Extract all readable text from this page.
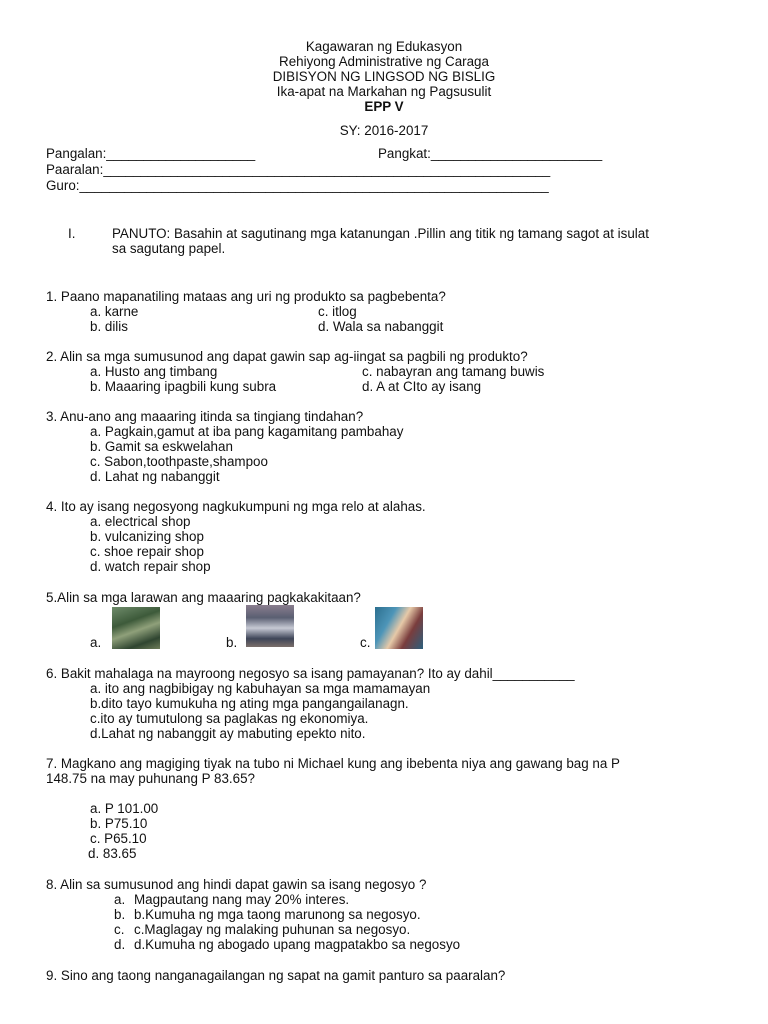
Kagawaran ng Edukasyon
Rehiyong Administrative ng Caraga
DIBISYON NG LINGSOD NG BISLIG
Ika-apat na Markahan ng Pagsusulit
EPP V
SY: 2016-2017
Pangalan:____________________	Pangkat:_______________________
Paaralan:____________________________________________________________
Guro:_______________________________________________________________
I.	PANUTO: Basahin at sagutinang mga katanungan .Pillin ang titik ng tamang sagot at isulat
sa sagutang papel.
1. Paano mapanatiling mataas ang uri ng produkto sa pagbebenta?
a. karne	c. itlog
b. dilis	d. Wala sa nabanggit
2. Alin sa mga sumusunod ang dapat gawin sap ag-iingat sa pagbili ng produkto?
a. Husto ang timbang	c. nabayran ang tamang buwis
b. Maaaring ipagbili kung subra	d. A at CIto ay isang
3. Anu-ano ang maaaring itinda sa tingiang tindahan?
a. Pagkain,gamut at iba pang kagamitang pambahay
b. Gamit sa eskwelahan
c. Sabon,toothpaste,shampoo
d. Lahat ng nabanggit
4. Ito ay isang negosyong nagkukumpuni ng mga relo at alahas.
a. electrical shop
b. vulcanizing shop
c. shoe repair shop
d. watch repair shop
5.Alin sa mga larawan ang maaaring pagkakakitaan?
a.	b.	c.
6. Bakit mahalaga na mayroong negosyo sa isang pamayanan? Ito ay dahil___________
a. ito ang nagbibigay ng kabuhayan sa mga mamamayan
b.dito tayo kumukuha ng ating mga pangangailanagn.
c.ito ay tumutulong sa paglakas ng ekonomiya.
d.Lahat ng nabanggit ay mabuting epekto nito.
7. Magkano ang magiging tiyak na tubo ni Michael kung ang ibebenta niya ang gawang bag na P
148.75 na may puhunang P 83.65?
a. P 101.00
b. P75.10
c. P65.10
d. 83.65
8. Alin sa sumusunod ang hindi dapat gawin sa isang negosyo ?
a. Magpautang nang may 20% interes.
b. b.Kumuha ng mga taong marunong sa negosyo.
c. c.Maglagay ng malaking puhunan sa negosyo.
d. d.Kumuha ng abogado upang magpatakbo sa negosyo
9. Sino ang taong nanganagailangan ng sapat na gamit panturo sa paaralan?
